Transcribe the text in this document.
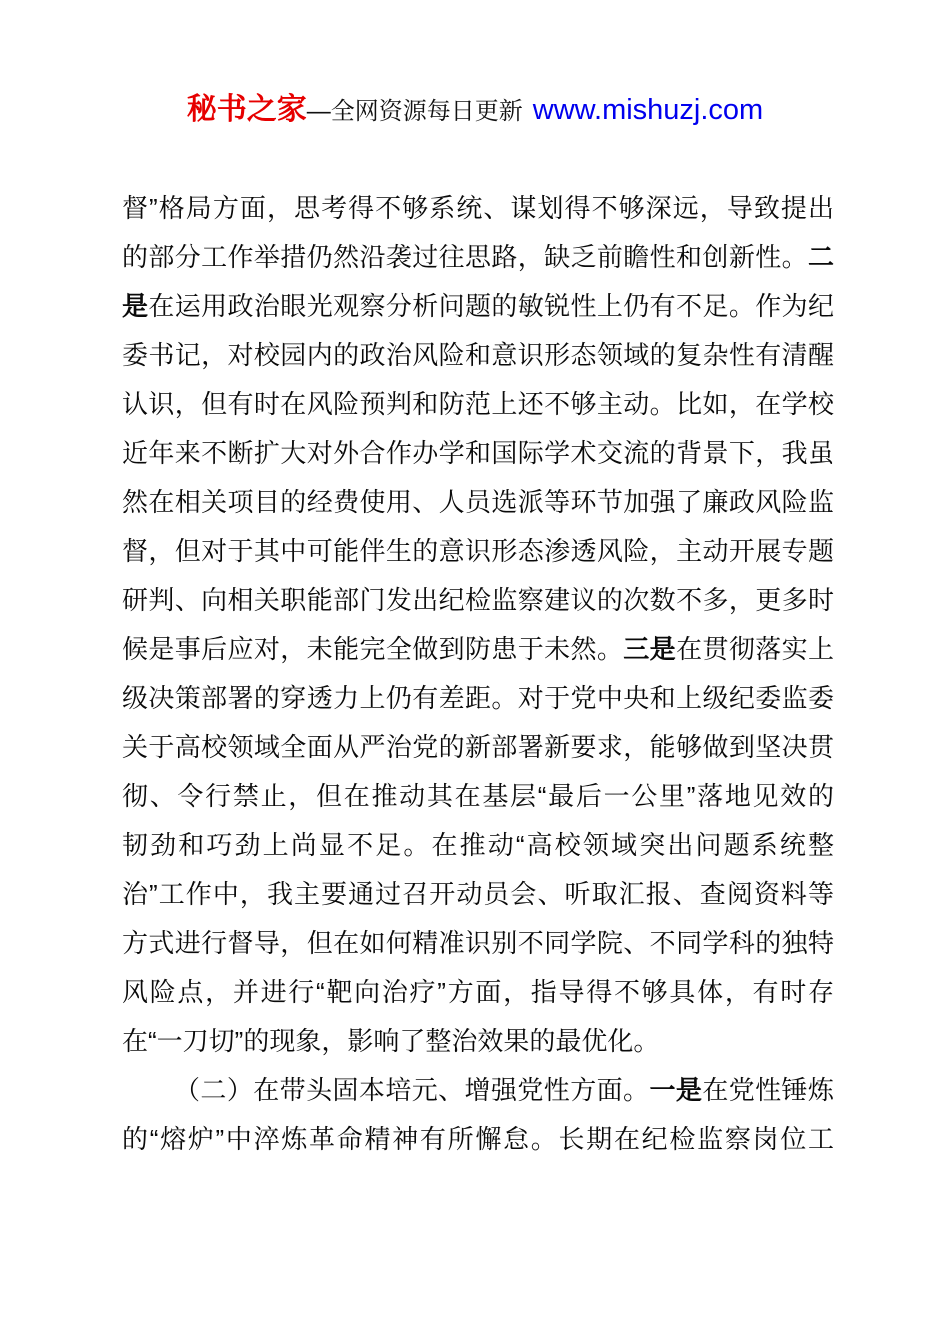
秘书之家—全网资源每日更新 www.mishuzj.com
督”格局方面，思考得不够系统、谋划得不够深远，导致提出
的部分工作举措仍然沿袭过往思路，缺乏前瞻性和创新性。二
是在运用政治眼光观察分析问题的敏锐性上仍有不足。作为纪
委书记，对校园内的政治风险和意识形态领域的复杂性有清醒
认识，但有时在风险预判和防范上还不够主动。比如，在学校
近年来不断扩大对外合作办学和国际学术交流的背景下，我虽
然在相关项目的经费使用、人员选派等环节加强了廉政风险监
督，但对于其中可能伴生的意识形态渗透风险，主动开展专题
研判、向相关职能部门发出纪检监察建议的次数不多，更多时
候是事后应对，未能完全做到防患于未然。三是在贯彻落实上
级决策部署的穿透力上仍有差距。对于党中央和上级纪委监委
关于高校领域全面从严治党的新部署新要求，能够做到坚决贯
彻、令行禁止，但在推动其在基层“最后一公里”落地见效的
韧劲和巧劲上尚显不足。在推动“高校领域突出问题系统整
治”工作中，我主要通过召开动员会、听取汇报、查阅资料等
方式进行督导，但在如何精准识别不同学院、不同学科的独特
风险点，并进行“靶向治疗”方面，指导得不够具体，有时存
在“一刀切”的现象，影响了整治效果的最优化。
（二）在带头固本培元、增强党性方面。一是在党性锤炼
的“熔炉”中淬炼革命精神有所懈怠。长期在纪检监察岗位工
